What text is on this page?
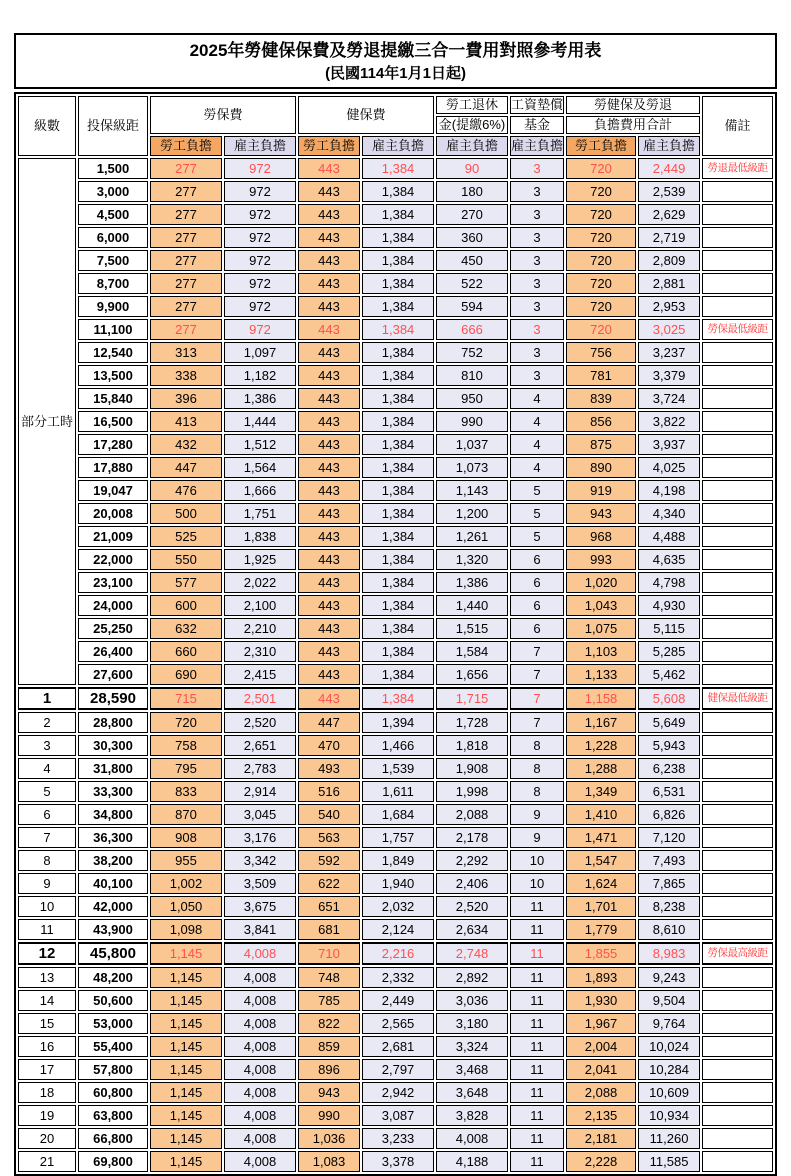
2025年勞健保保費及勞退提繳三合一費用對照參考用表
(民國114年1月1日起)
級數	投保級距	勞保費		健保費		勞工退休	工資墊償	勞健保及勞退		備註
						金(提繳6%)	基金	負擔費用合計		
		勞工負擔	雇主負擔	勞工負擔	雇主負擔	雇主負擔	雇主負擔	勞工負擔	雇主負擔	
部分工時	1,500	277	972	443	1,384	90	3	720	2,449	勞退最低級距
	3,000	277	972	443	1,384	180	3	720	2,539	
	4,500	277	972	443	1,384	270	3	720	2,629	
	6,000	277	972	443	1,384	360	3	720	2,719	
	7,500	277	972	443	1,384	450	3	720	2,809	
	8,700	277	972	443	1,384	522	3	720	2,881	
	9,900	277	972	443	1,384	594	3	720	2,953	
	11,100	277	972	443	1,384	666	3	720	3,025	勞保最低級距
	12,540	313	1,097	443	1,384	752	3	756	3,237	
	13,500	338	1,182	443	1,384	810	3	781	3,379	
	15,840	396	1,386	443	1,384	950	4	839	3,724	
	16,500	413	1,444	443	1,384	990	4	856	3,822	
	17,280	432	1,512	443	1,384	1,037	4	875	3,937	
	17,880	447	1,564	443	1,384	1,073	4	890	4,025	
	19,047	476	1,666	443	1,384	1,143	5	919	4,198	
	20,008	500	1,751	443	1,384	1,200	5	943	4,340	
	21,009	525	1,838	443	1,384	1,261	5	968	4,488	
	22,000	550	1,925	443	1,384	1,320	6	993	4,635	
	23,100	577	2,022	443	1,384	1,386	6	1,020	4,798	
	24,000	600	2,100	443	1,384	1,440	6	1,043	4,930	
	25,250	632	2,210	443	1,384	1,515	6	1,075	5,115	
	26,400	660	2,310	443	1,384	1,584	7	1,103	5,285	
	27,600	690	2,415	443	1,384	1,656	7	1,133	5,462	
1	28,590	715	2,501	443	1,384	1,715	7	1,158	5,608	健保最低級距
2	28,800	720	2,520	447	1,394	1,728	7	1,167	5,649	
3	30,300	758	2,651	470	1,466	1,818	8	1,228	5,943	
4	31,800	795	2,783	493	1,539	1,908	8	1,288	6,238	
5	33,300	833	2,914	516	1,611	1,998	8	1,349	6,531	
6	34,800	870	3,045	540	1,684	2,088	9	1,410	6,826	
7	36,300	908	3,176	563	1,757	2,178	9	1,471	7,120	
8	38,200	955	3,342	592	1,849	2,292	10	1,547	7,493	
9	40,100	1,002	3,509	622	1,940	2,406	10	1,624	7,865	
10	42,000	1,050	3,675	651	2,032	2,520	11	1,701	8,238	
11	43,900	1,098	3,841	681	2,124	2,634	11	1,779	8,610	
12	45,800	1,145	4,008	710	2,216	2,748	11	1,855	8,983	勞保最高級距
13	48,200	1,145	4,008	748	2,332	2,892	11	1,893	9,243	
14	50,600	1,145	4,008	785	2,449	3,036	11	1,930	9,504	
15	53,000	1,145	4,008	822	2,565	3,180	11	1,967	9,764	
16	55,400	1,145	4,008	859	2,681	3,324	11	2,004	10,024	
17	57,800	1,145	4,008	896	2,797	3,468	11	2,041	10,284	
18	60,800	1,145	4,008	943	2,942	3,648	11	2,088	10,609	
19	63,800	1,145	4,008	990	3,087	3,828	11	2,135	10,934	
20	66,800	1,145	4,008	1,036	3,233	4,008	11	2,181	11,260	
21	69,800	1,145	4,008	1,083	3,378	4,188	11	2,228	11,585	
